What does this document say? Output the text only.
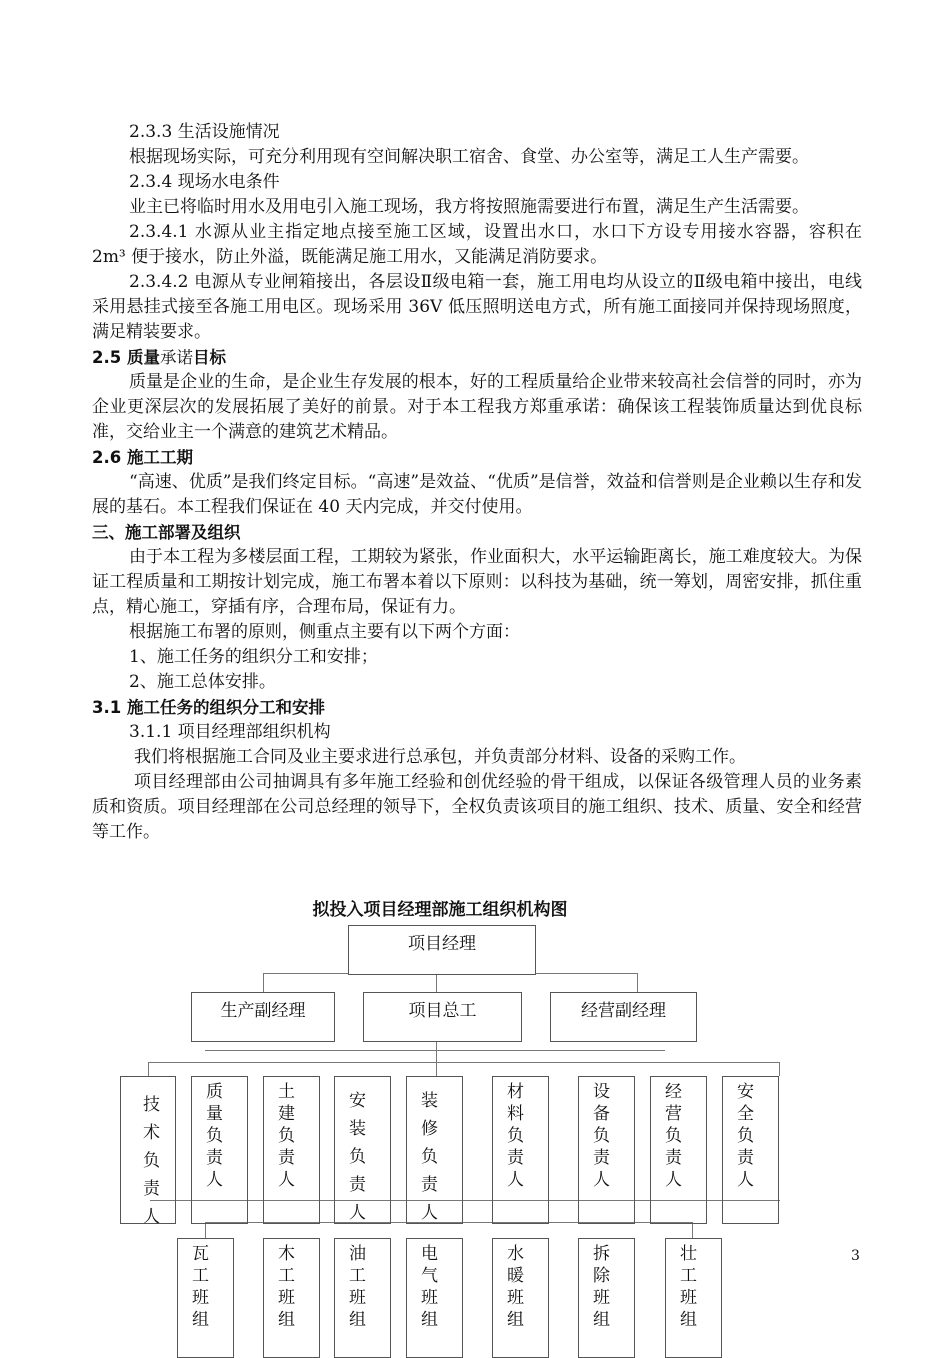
2.3.3 生活设施情况

根据现场实际，可充分利用现有空间解决职工宿舍、食堂、办公室等，满足工人生产需要。

2.3.4 现场水电条件

业主已将临时用水及用电引入施工现场，我方将按照施需要进行布置，满足生产生活需要。

2.3.4.1 水源从业主指定地点接至施工区域，设置出水口，水口下方设专用接水容器，容积在 2m³ 便于接水，防止外溢，既能满足施工用水，又能满足消防要求。

2.3.4.2 电源从专业闸箱接出，各层设Ⅱ级电箱一套，施工用电均从设立的Ⅱ级电箱中接出，电线采用悬挂式接至各施工用电区。现场采用 36V 低压照明送电方式，所有施工面接同并保持现场照度，满足精装要求。

2.5 质量承诺目标

质量是企业的生命，是企业生存发展的根本，好的工程质量给企业带来较高社会信誉的同时，亦为企业更深层次的发展拓展了美好的前景。对于本工程我方郑重承诺：确保该工程装饰质量达到优良标准，交给业主一个满意的建筑艺术精品。

2.6 施工工期

“高速、优质”是我们终定目标。“高速”是效益、“优质”是信誉，效益和信誉则是企业赖以生存和发展的基石。本工程我们保证在 40 天内完成，并交付使用。

三、施工部署及组织

由于本工程为多楼层面工程，工期较为紧张，作业面积大，水平运输距离长，施工难度较大。为保证工程质量和工期按计划完成，施工布署本着以下原则：以科技为基础，统一筹划，周密安排，抓住重点，精心施工，穿插有序，合理布局，保证有力。

根据施工布署的原则，侧重点主要有以下两个方面：

1、施工任务的组织分工和安排；

2、施工总体安排。

3.1 施工任务的组织分工和安排

3.1.1 项目经理部组织机构

我们将根据施工合同及业主要求进行总承包，并负责部分材料、设备的采购工作。

项目经理部由公司抽调具有多年施工经验和创优经验的骨干组成，以保证各级管理人员的业务素质和资质。项目经理部在公司总经理的领导下，全权负责该项目的施工组织、技术、质量、安全和经营等工作。

拟投入项目经理部施工组织机构图
项目经理
生产副经理	项目总工	经营副经理
技
术
负
责
人
质
量
负
责
人
土
建
负
责
人
安
装
负
责
人
装
修
负
责
人
材
料
负
责
人
设
备
负
责
人
经
营
负
责
人
安
全
负
责
人
瓦
工
班
组
木
工
班
组
油
工
班
组
电
气
班
组
水
暖
班
组
拆
除
班
组
壮
工
班
组
3
